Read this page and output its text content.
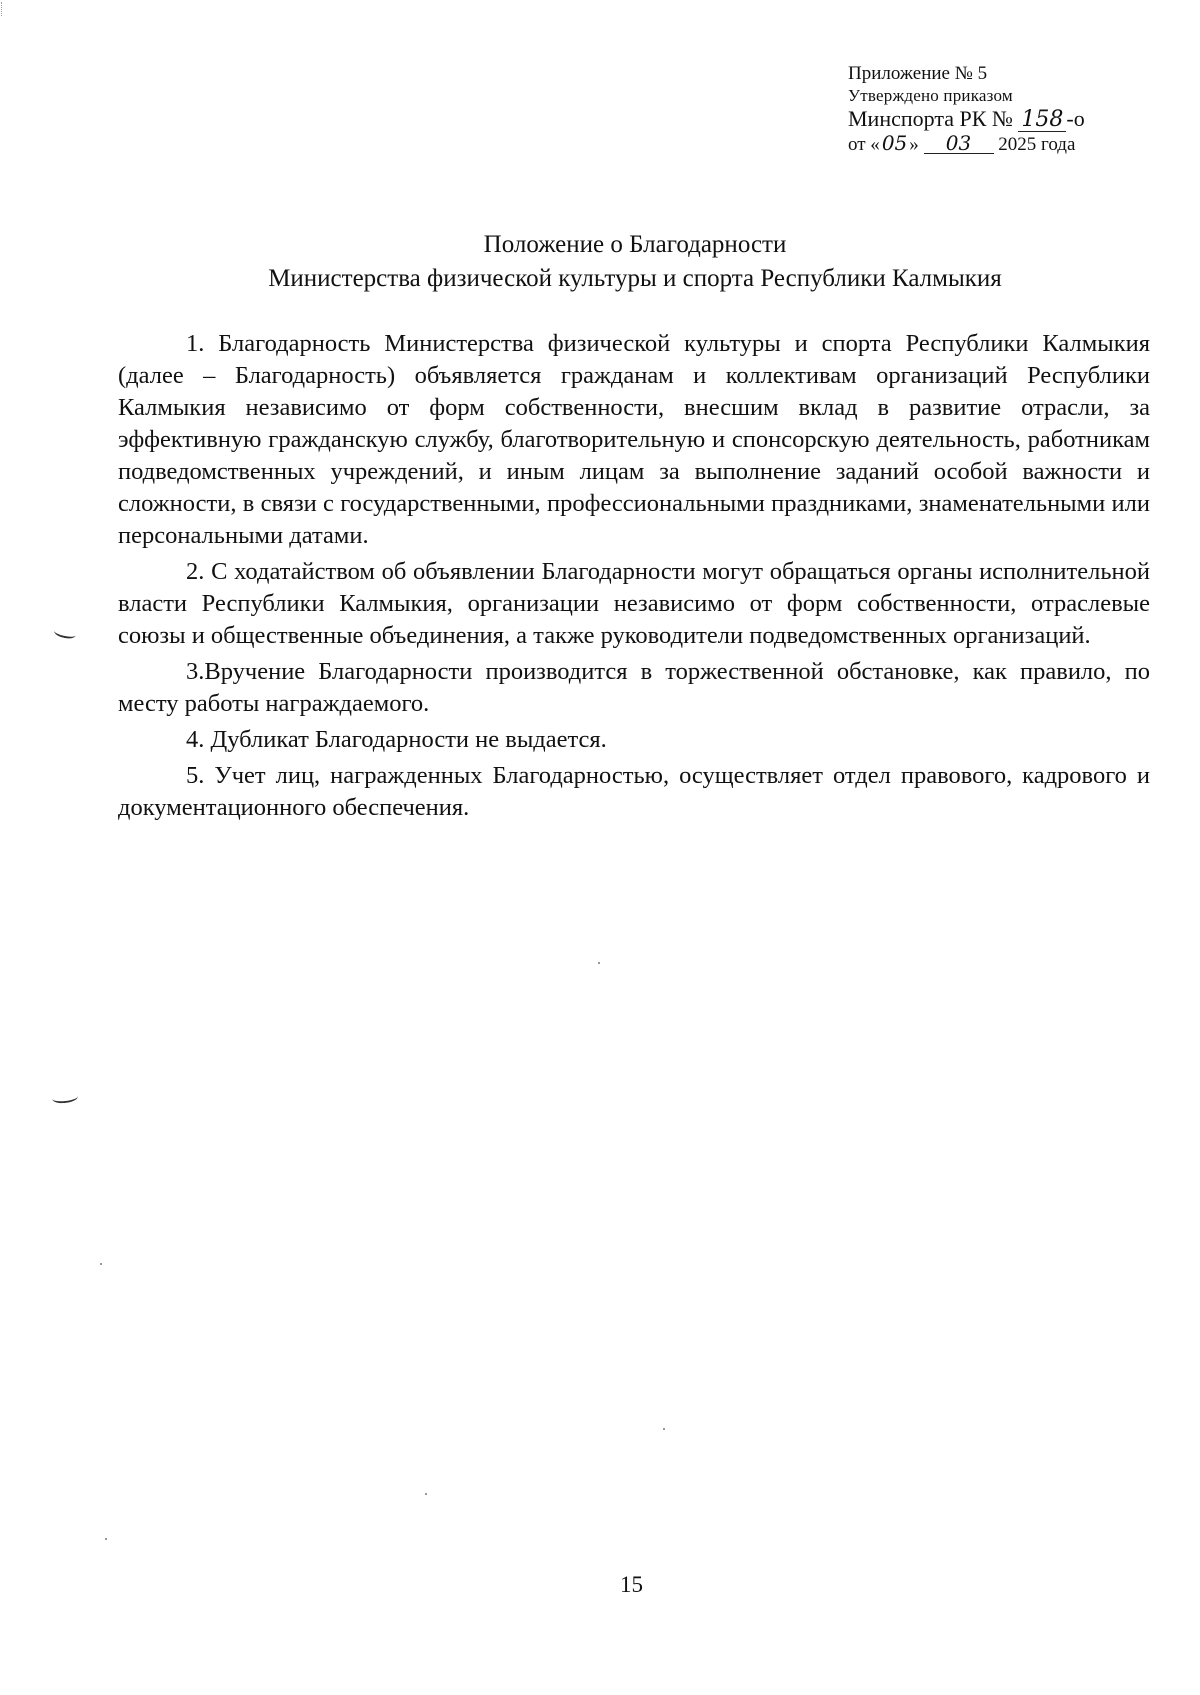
Приложение № 5
Утверждено приказом
Минспорта РК № 158 -о
от « 05 » 03 2025 года
Положение о Благодарности
Министерства физической культуры и спорта Республики Калмыкия

1. Благодарность Министерства физической культуры и спорта Республики Калмыкия (далее – Благодарность) объявляется гражданам и коллективам организаций Республики Калмыкия независимо от форм собственности, внесшим вклад в развитие отрасли, за эффективную гражданскую службу, благотворительную и спонсорскую деятельность, работникам подведомственных учреждений, и иным лицам за выполнение заданий особой важности и сложности, в связи с государственными, профессиональными праздниками, знаменательными или персональными датами.

2. С ходатайством об объявлении Благодарности могут обращаться органы исполнительной власти Республики Калмыкия, организации независимо от форм собственности, отраслевые союзы и общественные объединения, а также руководители подведомственных организаций.

3.Вручение Благодарности производится в торжественной обстановке, как правило, по месту работы награждаемого.

4. Дубликат Благодарности не выдается.

5. Учет лиц, награжденных Благодарностью, осуществляет отдел правового, кадрового и документационного обеспечения.

15
